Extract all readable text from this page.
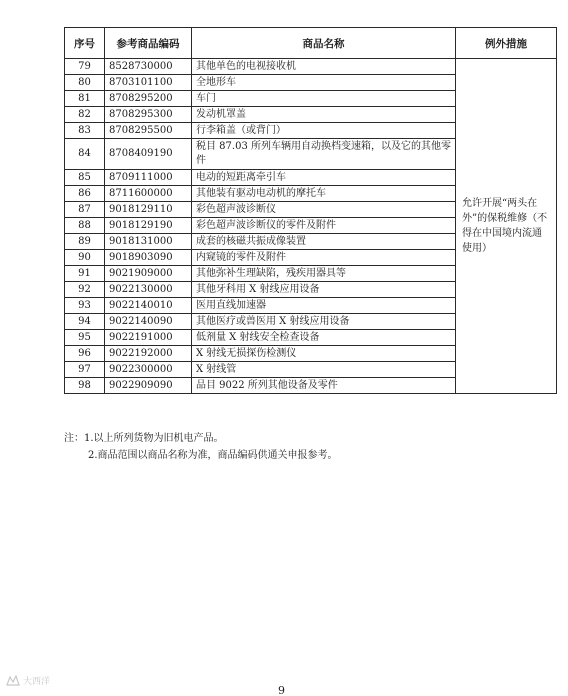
序号	参考商品编码	商品名称	例外措施
79	8528730000	其他单色的电视接收机	允许开展“两头在外”的保税维修（不得在中国境内流通使用）
80	8703101100	全地形车	
81	8708295200	车门	
82	8708295300	发动机罩盖	
83	8708295500	行李箱盖（或背门）	
84	8708409190	税目 87.03 所列车辆用自动换档变速箱，以及它的其他零件	
85	8709111000	电动的短距离牵引车	
86	8711600000	其他装有驱动电动机的摩托车	
87	9018129110	彩色超声波诊断仪	
88	9018129190	彩色超声波诊断仪的零件及附件	
89	9018131000	成套的核磁共振成像装置	
90	9018903090	内窥镜的零件及附件	
91	9021909000	其他弥补生理缺陷，残疾用器具等	
92	9022130000	其他牙科用 X 射线应用设备	
93	9022140010	医用直线加速器	
94	9022140090	其他医疗或兽医用 X 射线应用设备	
95	9022191000	低剂量 X 射线安全检查设备	
96	9022192000	X 射线无损探伤检测仪	
97	9022300000	X 射线管	
98	9022909090	品目 9022 所列其他设备及零件	
注：1.以上所列货物为旧机电产品。
2.商品范围以商品名称为准，商品编码供通关申报参考。
大西洋
9
